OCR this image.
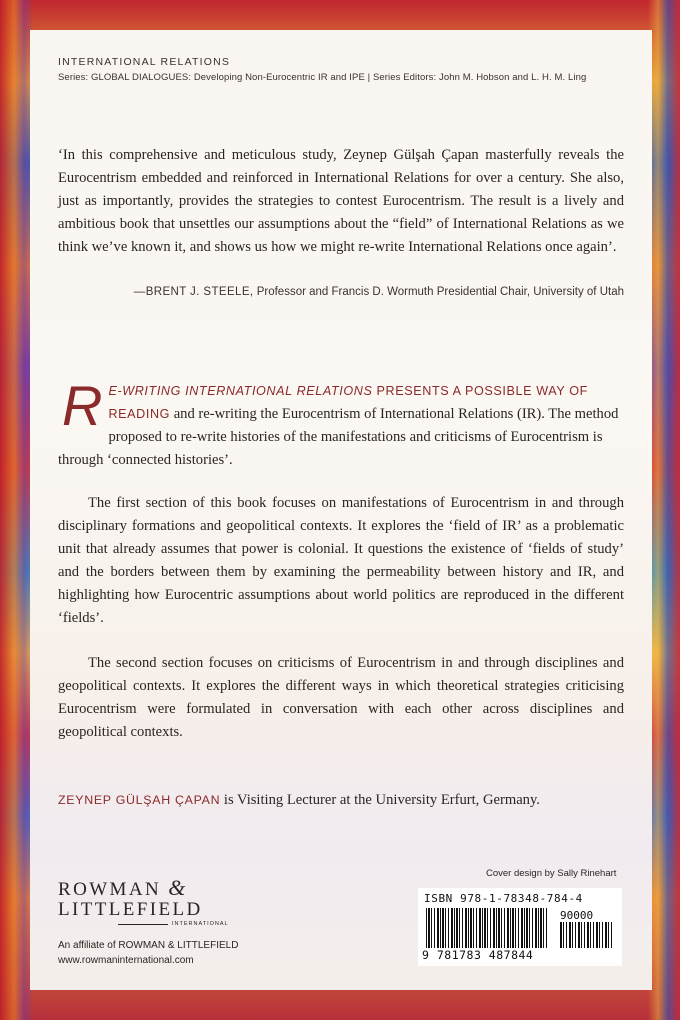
INTERNATIONAL RELATIONS
Series: GLOBAL DIALOGUES: Developing Non-Eurocentric IR and IPE | Series Editors: John M. Hobson and L. H. M. Ling
‘In this comprehensive and meticulous study, Zeynep Gülşah Çapan masterfully reveals the Eurocentrism embedded and reinforced in International Relations for over a century. She also, just as importantly, provides the strategies to contest Eurocentrism. The result is a lively and ambitious book that unsettles our assumptions about the “field” of International Relations as we think we’ve known it, and shows us how we might re-write International Relations once again’.
—BRENT J. STEELE, Professor and Francis D. Wormuth Presidential Chair, University of Utah
R E-WRITING INTERNATIONAL RELATIONS PRESENTS A POSSIBLE WAY OF READING and re-writing the Eurocentrism of International Relations (IR). The method proposed to re-write histories of the manifestations and criticisms of Eurocentrism is through ‘connected histories’.
The first section of this book focuses on manifestations of Eurocentrism in and through disciplinary formations and geopolitical contexts. It explores the ‘field of IR’ as a problematic unit that already assumes that power is colonial. It questions the existence of ‘fields of study’ and the borders between them by examining the permeability between history and IR, and highlighting how Eurocentric assumptions about world politics are reproduced in the different ‘fields’.
The second section focuses on criticisms of Eurocentrism in and through disciplines and geopolitical contexts. It explores the different ways in which theoretical strategies criticising Eurocentrism were formulated in conversation with each other across disciplines and geopolitical contexts.
ZEYNEP GÜLŞAH ÇAPAN is Visiting Lecturer at the University Erfurt, Germany.
ROWMAN &
LITTLEFIELD
INTERNATIONAL
An affiliate of ROWMAN & LITTLEFIELD
www.rowmaninternational.com
Cover design by Sally Rinehart
ISBN 978-1-78348-784-4
90000
9 781783 487844
